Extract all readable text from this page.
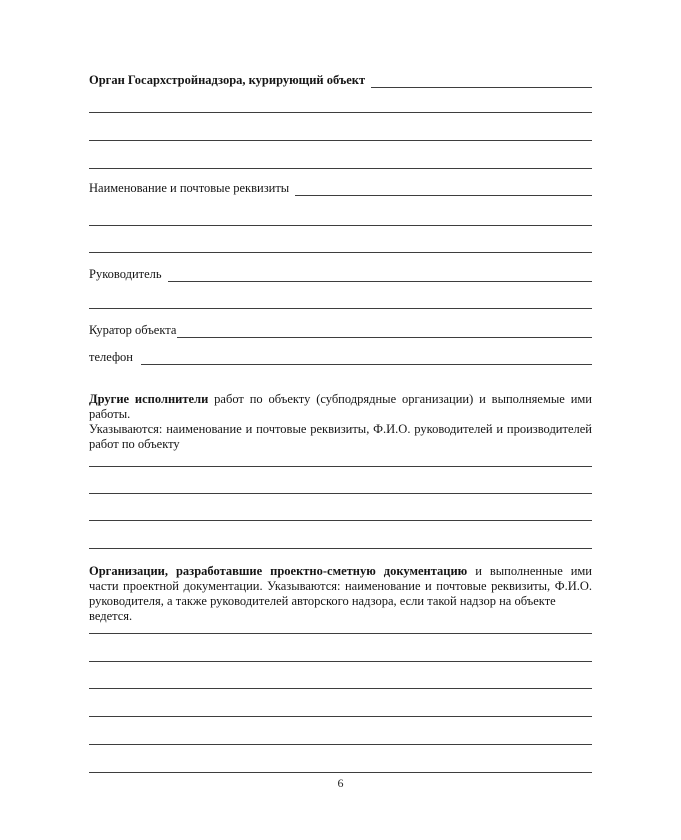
Орган Госархстройнадзора, курирующий объект
Наименование и почтовые реквизиты
Руководитель
Куратор объекта
телефон
Другие исполнители работ по объекту (субподрядные организации) и выполняемые ими работы.
Указываются: наименование и почтовые реквизиты, Ф.И.О. руководителей и производителей
работ по объекту
Организации, разработавшие проектно-сметную документацию и выполненные ими
части проектной документации. Указываются: наименование и почтовые реквизиты, Ф.И.О.
руководителя, а также руководителей авторского надзора, если такой надзор на объекте ведется.
6
